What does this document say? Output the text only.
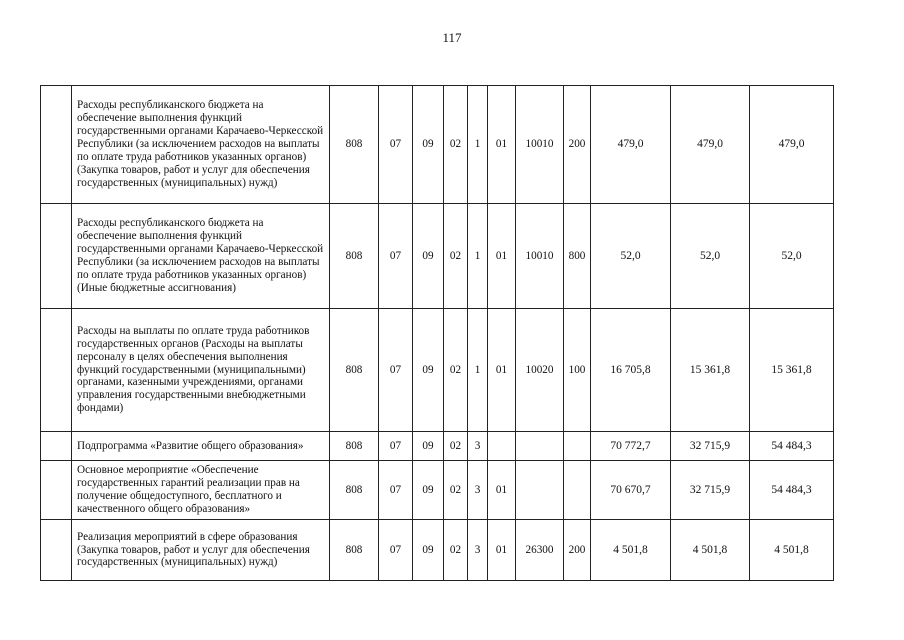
117
	Расходы республиканского бюджета на обеспечение выполнения функций государственными органами Карачаево-Черкесской Республики (за исключением расходов на выплаты по оплате труда работников указанных органов) (Закупка товаров, работ и услуг для обеспечения государственных (муниципальных) нужд)	808	07	09	02	1	01	10010	200	479,0	479,0	479,0
	Расходы республиканского бюджета на обеспечение выполнения функций государственными органами Карачаево-Черкесской Республики (за исключением расходов на выплаты по оплате труда работников указанных органов) (Иные бюджетные ассигнования)	808	07	09	02	1	01	10010	800	52,0	52,0	52,0
	Расходы на выплаты по оплате труда работников государственных органов (Расходы на выплаты персоналу в целях обеспечения выполнения функций государственными (муниципальными) органами, казенными учреждениями, органами управления государственными внебюджетными фондами)	808	07	09	02	1	01	10020	100	16 705,8	15 361,8	15 361,8
	Подпрограмма «Развитие общего образования»	808	07	09	02	3				70 772,7	32 715,9	54 484,3
	Основное мероприятие «Обеспечение государственных гарантий реализации прав на получение общедоступного, бесплатного и качественного общего образования»	808	07	09	02	3	01			70 670,7	32 715,9	54 484,3
	Реализация мероприятий в сфере образования (Закупка товаров, работ и услуг для обеспечения государственных (муниципальных) нужд)	808	07	09	02	3	01	26300	200	4 501,8	4 501,8	4 501,8
